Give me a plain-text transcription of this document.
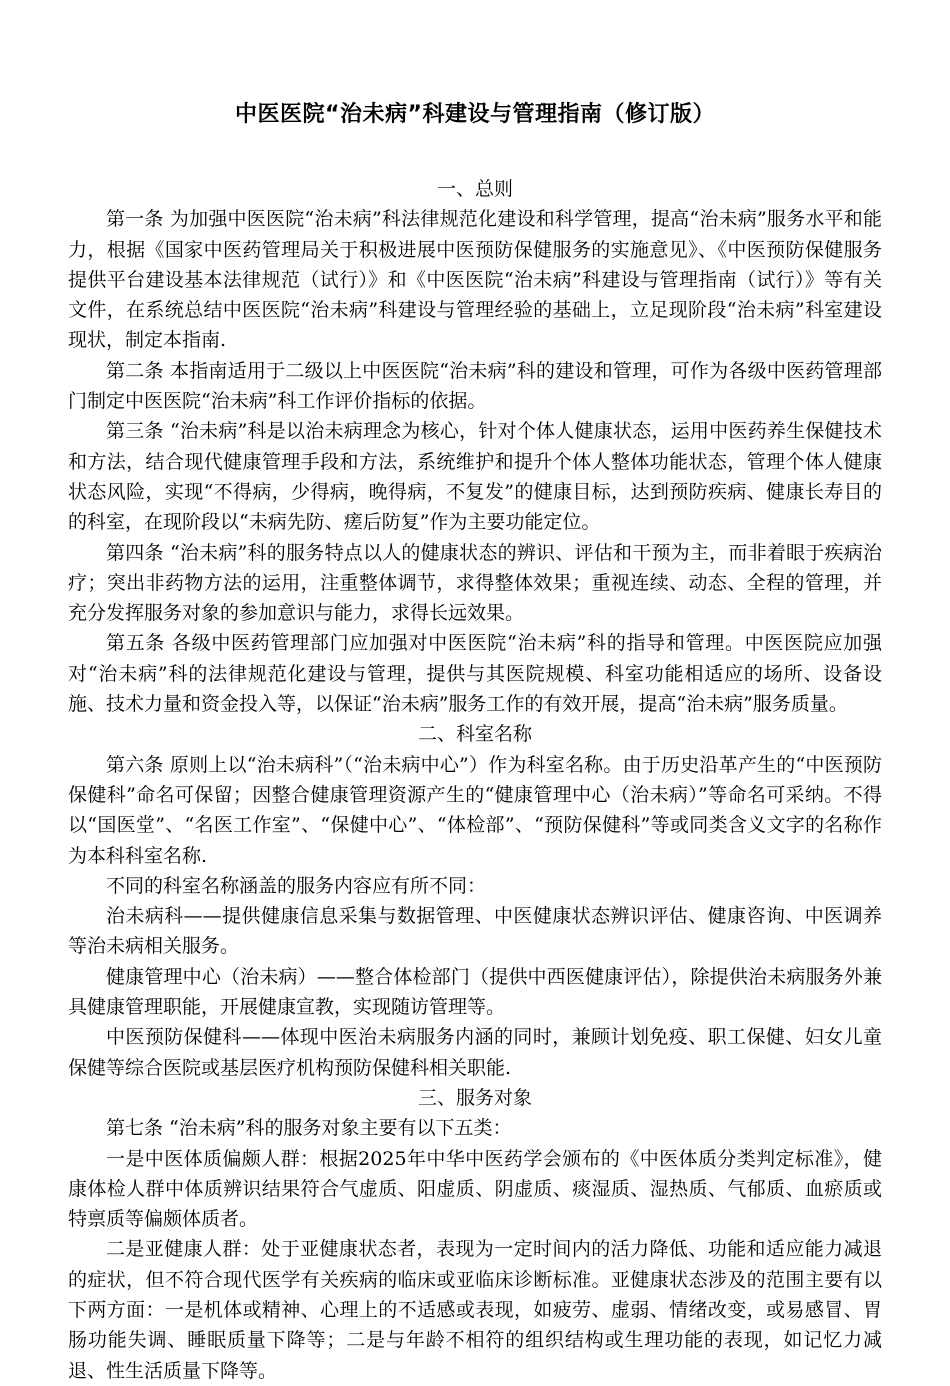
中医医院“治未病”科建设与管理指南（修订版）
一、总则

第一条 为加强中医医院“治未病”科法律规范化建设和科学管理，提高“治未病”服务水平和能力，根据《国家中医药管理局关于积极进展中医预防保健服务的实施意见》、《中医预防保健服务提供平台建设基本法律规范（试行）》和《中医医院“治未病”科建设与管理指南（试行）》等有关文件，在系统总结中医医院“治未病”科建设与管理经验的基础上，立足现阶段“治未病”科室建设现状，制定本指南.

第二条 本指南适用于二级以上中医医院“治未病”科的建设和管理，可作为各级中医药管理部门制定中医医院“治未病”科工作评价指标的依据。

第三条 “治未病”科是以治未病理念为核心，针对个体人健康状态，运用中医药养生保健技术和方法，结合现代健康管理手段和方法，系统维护和提升个体人整体功能状态，管理个体人健康状态风险，实现“不得病，少得病，晚得病，不复发”的健康目标，达到预防疾病、健康长寿目的的科室，在现阶段以“未病先防、瘥后防复”作为主要功能定位。

第四条 “治未病”科的服务特点以人的健康状态的辨识、评估和干预为主，而非着眼于疾病治疗；突出非药物方法的运用，注重整体调节，求得整体效果；重视连续、动态、全程的管理，并充分发挥服务对象的参加意识与能力，求得长远效果。

第五条 各级中医药管理部门应加强对中医医院“治未病”科的指导和管理。中医医院应加强对“治未病”科的法律规范化建设与管理，提供与其医院规模、科室功能相适应的场所、设备设施、技术力量和资金投入等，以保证“治未病”服务工作的有效开展，提高“治未病”服务质量。

二、科室名称

第六条 原则上以“治未病科”（“治未病中心”）作为科室名称。由于历史沿革产生的“中医预防保健科”命名可保留；因整合健康管理资源产生的“健康管理中心（治未病）”等命名可采纳。不得以“国医堂”、“名医工作室”、“保健中心”、“体检部”、“预防保健科”等或同类含义文字的名称作为本科科室名称.

不同的科室名称涵盖的服务内容应有所不同：

治未病科——提供健康信息采集与数据管理、中医健康状态辨识评估、健康咨询、中医调养等治未病相关服务。

健康管理中心（治未病）——整合体检部门（提供中西医健康评估），除提供治未病服务外兼具健康管理职能，开展健康宣教，实现随访管理等。

中医预防保健科——体现中医治未病服务内涵的同时，兼顾计划免疫、职工保健、妇女儿童保健等综合医院或基层医疗机构预防保健科相关职能.

三、服务对象

第七条 “治未病”科的服务对象主要有以下五类：

一是中医体质偏颇人群：根据2025年中华中医药学会颁布的《中医体质分类判定标准》，健康体检人群中体质辨识结果符合气虚质、阳虚质、阴虚质、痰湿质、湿热质、气郁质、血瘀质或特禀质等偏颇体质者。

二是亚健康人群：处于亚健康状态者，表现为一定时间内的活力降低、功能和适应能力减退的症状，但不符合现代医学有关疾病的临床或亚临床诊断标准。亚健康状态涉及的范围主要有以下两方面：一是机体或精神、心理上的不适感或表现，如疲劳、虚弱、情绪改变，或易感冒、胃肠功能失调、睡眠质量下降等；二是与年龄不相符的组织结构或生理功能的表现，如记忆力减退、性生活质量下降等。
